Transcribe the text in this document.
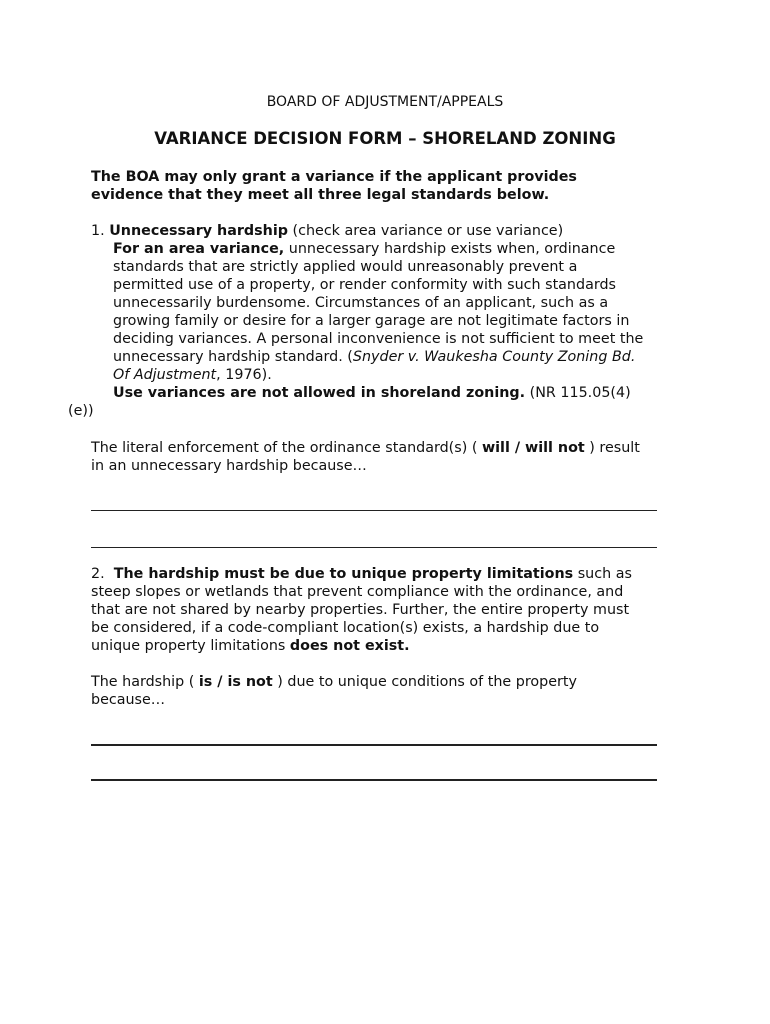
BOARD OF ADJUSTMENT/APPEALS
VARIANCE DECISION FORM – SHORELAND ZONING
The BOA may only grant a variance if the applicant provides
evidence that they meet all three legal standards below.
1. Unnecessary hardship (check area variance or use variance)
For an area variance, unnecessary hardship exists when, ordinance
standards that are strictly applied would unreasonably prevent a
permitted use of a property, or render conformity with such standards
unnecessarily burdensome. Circumstances of an applicant, such as a
growing family or desire for a larger garage are not legitimate factors in
deciding variances. A personal inconvenience is not sufficient to meet the
unnecessary hardship standard. (Snyder v. Waukesha County Zoning Bd.
Of Adjustment, 1976).
Use variances are not allowed in shoreland zoning. (NR 115.05(4)
(e))
The literal enforcement of the ordinance standard(s) ( will / will not ) result
in an unnecessary hardship because…
2. The hardship must be due to unique property limitations such as
steep slopes or wetlands that prevent compliance with the ordinance, and
that are not shared by nearby properties. Further, the entire property must
be considered, if a code-compliant location(s) exists, a hardship due to
unique property limitations does not exist.
The hardship ( is / is not ) due to unique conditions of the property
because…
